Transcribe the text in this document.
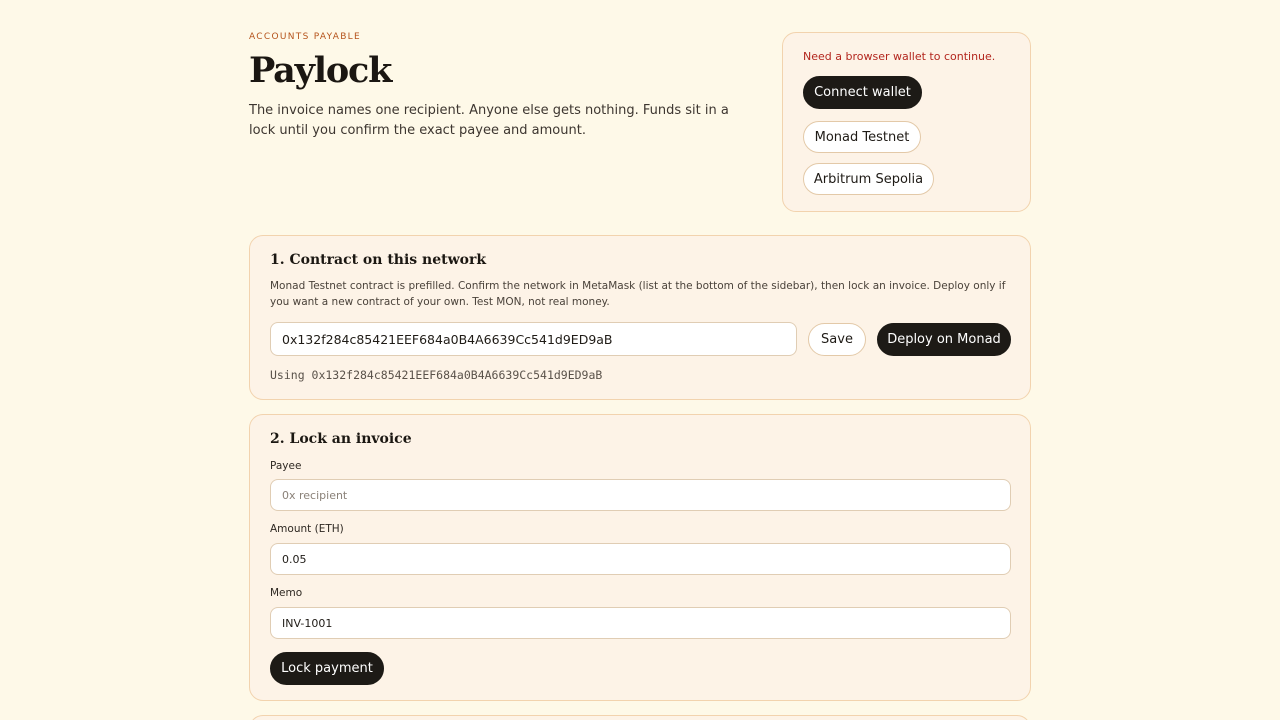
ACCOUNTS PAYABLE
Paylock

The invoice names one recipient. Anyone else gets nothing. Funds sit in a lock until you confirm the exact payee and amount.

Need a browser wallet to continue.
Connect wallet
Monad Testnet
Arbitrum Sepolia
1. Contract on this network

Monad Testnet contract is prefilled. Confirm the network in MetaMask (list at the bottom of the sidebar), then lock an invoice. Deploy only if you want a new contract of your own. Test MON, not real money.

0x132f284c85421EEF684a0B4A6639Cc541d9ED9aB
Save	Deploy on Monad
Using 0x132f284c85421EEF684a0B4A6639Cc541d9ED9aB
2. Lock an invoice
Payee
0x recipient
Amount (ETH)
0.05
Memo
INV-1001
Lock payment
